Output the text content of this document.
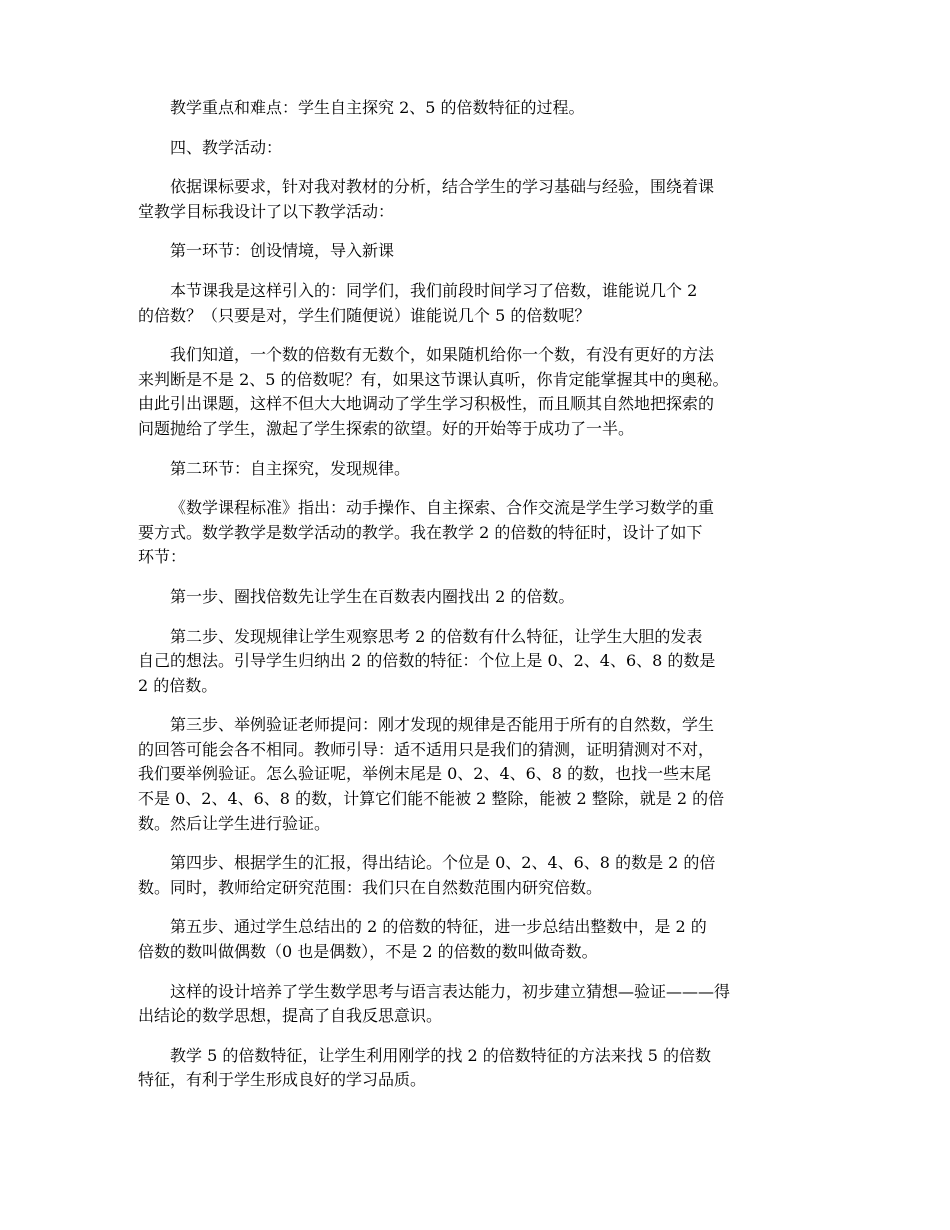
教学重点和难点：学生自主探究 2、5 的倍数特征的过程。

四、教学活动：

依据课标要求，针对我对教材的分析，结合学生的学习基础与经验，围绕着课
堂教学目标我设计了以下教学活动：

第一环节：创设情境，导入新课

本节课我是这样引入的：同学们，我们前段时间学习了倍数，谁能说几个 2
的倍数？（只要是对，学生们随便说）谁能说几个 5 的倍数呢？

我们知道，一个数的倍数有无数个，如果随机给你一个数，有没有更好的方法
来判断是不是 2、5 的倍数呢？有，如果这节课认真听，你肯定能掌握其中的奥秘。
由此引出课题，这样不但大大地调动了学生学习积极性，而且顺其自然地把探索的
问题抛给了学生，激起了学生探索的欲望。好的开始等于成功了一半。

第二环节：自主探究，发现规律。

《数学课程标准》指出：动手操作、自主探索、合作交流是学生学习数学的重
要方式。数学教学是数学活动的教学。我在教学 2 的倍数的特征时，设计了如下
环节：

第一步、圈找倍数先让学生在百数表内圈找出 2 的倍数。

第二步、发现规律让学生观察思考 2 的倍数有什么特征，让学生大胆的发表
自己的想法。引导学生归纳出 2 的倍数的特征：个位上是 0、2、4、6、8 的数是
2 的倍数。

第三步、举例验证老师提问：刚才发现的规律是否能用于所有的自然数，学生
的回答可能会各不相同。教师引导：适不适用只是我们的猜测，证明猜测对不对，
我们要举例验证。怎么验证呢，举例末尾是 0、2、4、6、8 的数，也找一些末尾
不是 0、2、4、6、8 的数，计算它们能不能被 2 整除，能被 2 整除，就是 2 的倍
数。然后让学生进行验证。

第四步、根据学生的汇报，得出结论。个位是 0、2、4、6、8 的数是 2 的倍
数。同时，教师给定研究范围：我们只在自然数范围内研究倍数。

第五步、通过学生总结出的 2 的倍数的特征，进一步总结出整数中，是 2 的
倍数的数叫做偶数（0 也是偶数），不是 2 的倍数的数叫做奇数。

这样的设计培养了学生数学思考与语言表达能力，初步建立猜想—验证———得
出结论的数学思想，提高了自我反思意识。

教学 5 的倍数特征，让学生利用刚学的找 2 的倍数特征的方法来找 5 的倍数
特征，有利于学生形成良好的学习品质。
